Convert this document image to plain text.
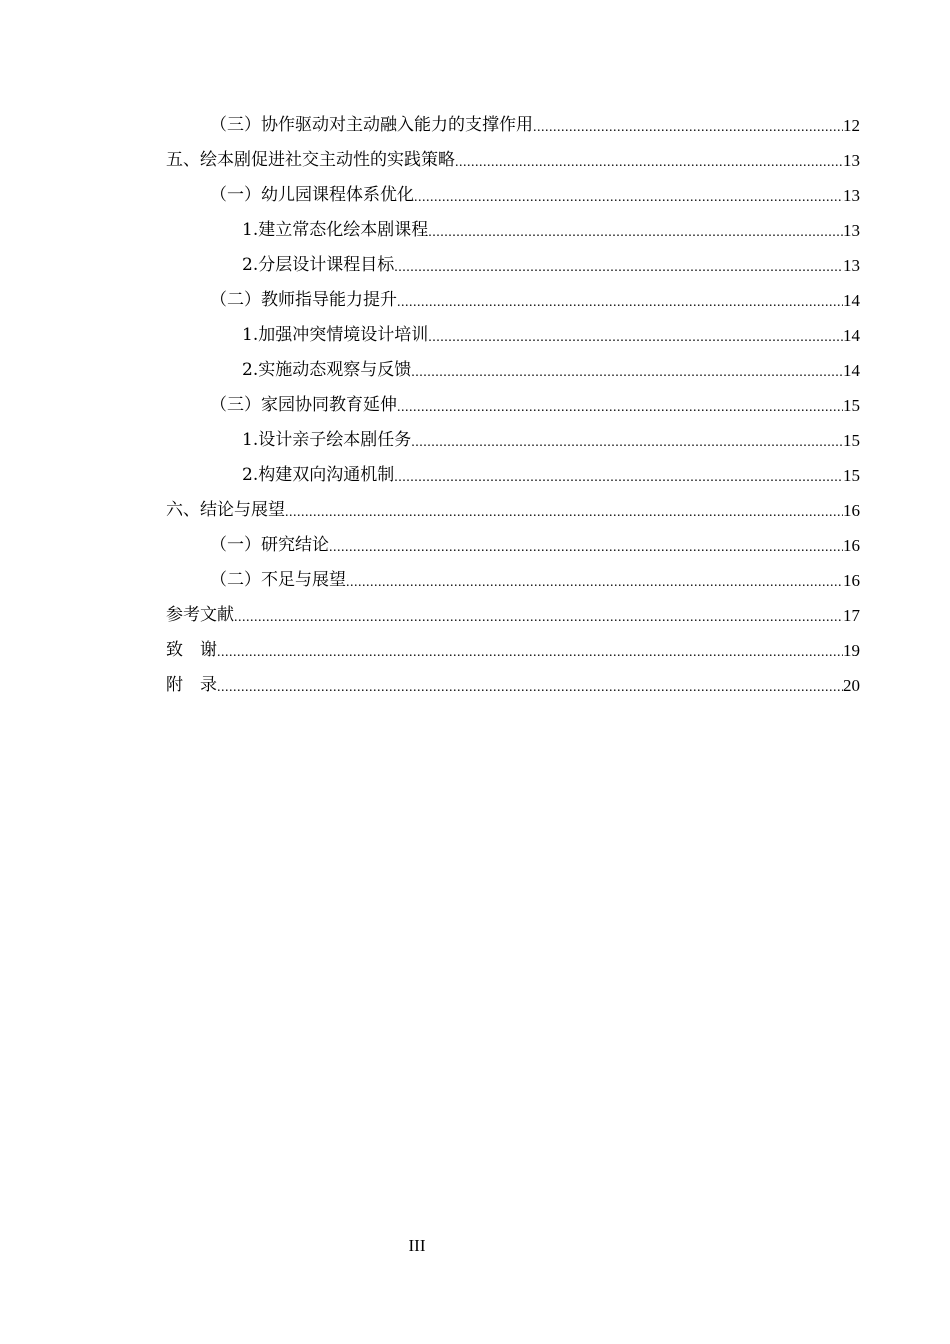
（三）协作驱动对主动融入能力的支撑作用 .....	12
五、绘本剧促进社交主动性的实践策略 .....	13
（一）幼儿园课程体系优化 .....	13
1.建立常态化绘本剧课程 .....	13
2.分层设计课程目标 .....	13
（二）教师指导能力提升 .....	14
1.加强冲突情境设计培训 .....	14
2.实施动态观察与反馈 .....	14
（三）家园协同教育延伸 .....	15
1.设计亲子绘本剧任务 .....	15
2.构建双向沟通机制 .....	15
六、结论与展望 .....	16
（一）研究结论 .....	16
（二）不足与展望 .....	16
参考文献 .....	17
致　谢 .....	19
附　录 .....	20
III
